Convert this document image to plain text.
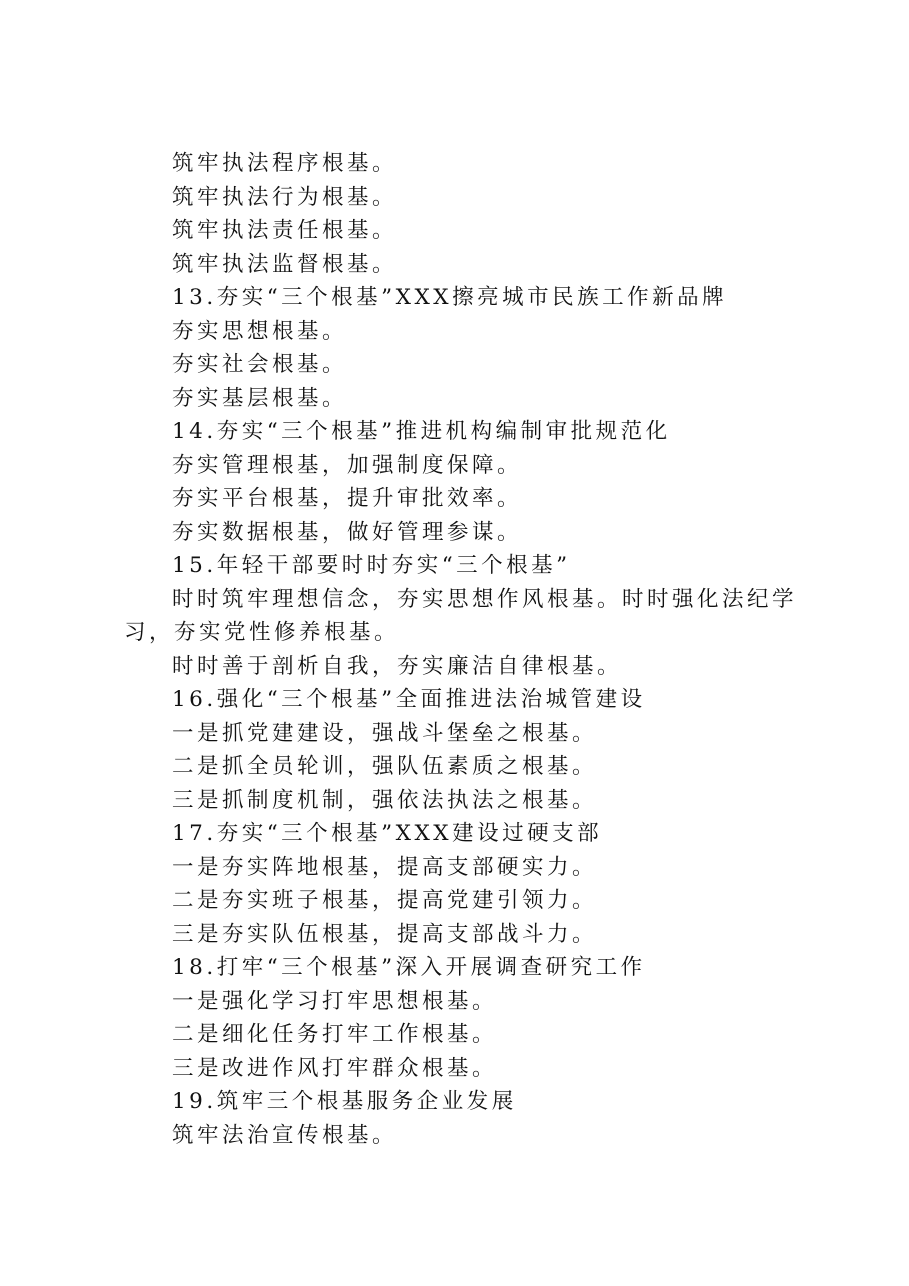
筑牢执法程序根基。

筑牢执法行为根基。

筑牢执法责任根基。

筑牢执法监督根基。

13.夯实“三个根基”XXX擦亮城市民族工作新品牌

夯实思想根基。

夯实社会根基。

夯实基层根基。

14.夯实“三个根基”推进机构编制审批规范化

夯实管理根基，加强制度保障。

夯实平台根基，提升审批效率。

夯实数据根基，做好管理参谋。

15.年轻干部要时时夯实“三个根基”

时时筑牢理想信念，夯实思想作风根基。时时强化法纪学习，夯实党性修养根基。

时时善于剖析自我，夯实廉洁自律根基。

16.强化“三个根基”全面推进法治城管建设

一是抓党建建设，强战斗堡垒之根基。

二是抓全员轮训，强队伍素质之根基。

三是抓制度机制，强依法执法之根基。

17.夯实“三个根基”XXX建设过硬支部

一是夯实阵地根基，提高支部硬实力。

二是夯实班子根基，提高党建引领力。

三是夯实队伍根基，提高支部战斗力。

18.打牢“三个根基”深入开展调查研究工作

一是强化学习打牢思想根基。

二是细化任务打牢工作根基。

三是改进作风打牢群众根基。

19.筑牢三个根基服务企业发展

筑牢法治宣传根基。
